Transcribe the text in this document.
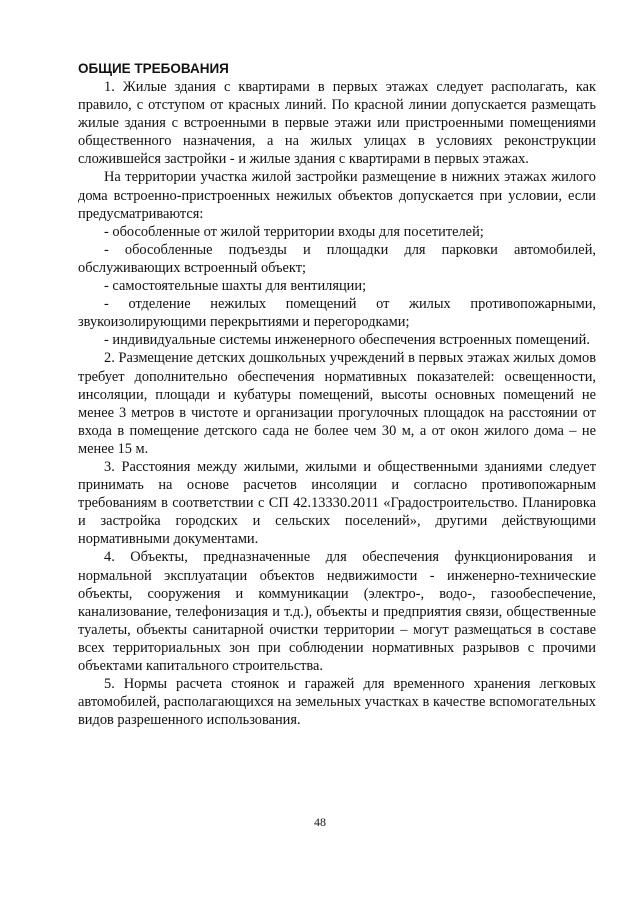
ОБЩИЕ ТРЕБОВАНИЯ

1. Жилые здания с квартирами в первых этажах следует располагать, как правило, с отступом от красных линий. По красной линии допускается размещать жилые здания с встроенными в первые этажи или пристроенными помещениями общественного назначения, а на жилых улицах в условиях реконструкции сложившейся застройки - и жилые здания с квартирами в первых этажах.

На территории участка жилой застройки размещение в нижних этажах жилого дома встроенно-пристроенных нежилых объектов допускается при условии, если предусматриваются:

- обособленные от жилой территории входы для посетителей;

- обособленные подъезды и площадки для парковки автомобилей, обслуживающих встроенный объект;

- самостоятельные шахты для вентиляции;

- отделение нежилых помещений от жилых противопожарными, звукоизолирующими перекрытиями и перегородками;

- индивидуальные системы инженерного обеспечения встроенных помещений.

2. Размещение детских дошкольных учреждений в первых этажах жилых домов требует дополнительно обеспечения нормативных показателей: освещенности, инсоляции, площади и кубатуры помещений, высоты основных помещений не менее 3 метров в чистоте и организации прогулочных площадок на расстоянии от входа в помещение детского сада не более чем 30 м, а от окон жилого дома – не менее 15 м.

3. Расстояния между жилыми, жилыми и общественными зданиями следует принимать на основе расчетов инсоляции и согласно противопожарным требованиям в соответствии с СП 42.13330.2011 «Градостроительство. Планировка и застройка городских и сельских поселений», другими действующими нормативными документами.

4. Объекты, предназначенные для обеспечения функционирования и нормальной эксплуатации объектов недвижимости - инженерно-технические объекты, сооружения и коммуникации (электро-, водо-, газообеспечение, канализование, телефонизация и т.д.), объекты и предприятия связи, общественные туалеты, объекты санитарной очистки территории – могут размещаться в составе всех территориальных зон при соблюдении нормативных разрывов с прочими объектами капитального строительства.

5. Нормы расчета стоянок и гаражей для временного хранения легковых автомобилей, располагающихся на земельных участках в качестве вспомогательных видов разрешенного использования.

48
